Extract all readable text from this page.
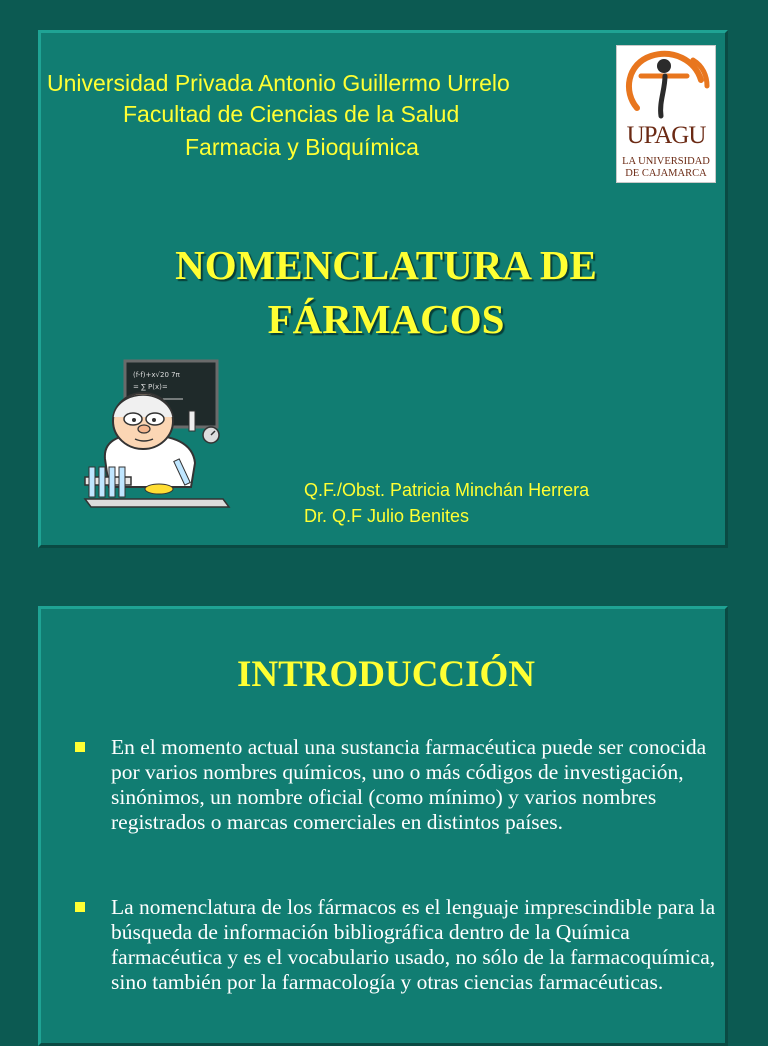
Universidad Privada Antonio Guillermo Urrelo
Facultad de Ciencias de la Salud
Farmacia y Bioquímica	UPAGU
LA UNIVERSIDAD
DE CAJAMARCA
NOMENCLATURA DE
FÁRMACOS
(f-f)+x√20 7π
= ∑ P(x)=
Q.F./Obst. Patricia Minchán Herrera
Dr. Q.F Julio Benites
INTRODUCCIÓN
En el momento actual una sustancia farmacéutica puede ser conocida por varios nombres químicos, uno o más códigos de investigación, sinónimos, un nombre oficial (como mínimo) y varios nombres registrados o marcas comerciales en distintos países.
La nomenclatura de los fármacos es el lenguaje imprescindible para la búsqueda de información bibliográfica dentro de la Química farmacéutica y es el vocabulario usado, no sólo de la farmacoquímica, sino también por la farmacología y otras ciencias farmacéuticas.
